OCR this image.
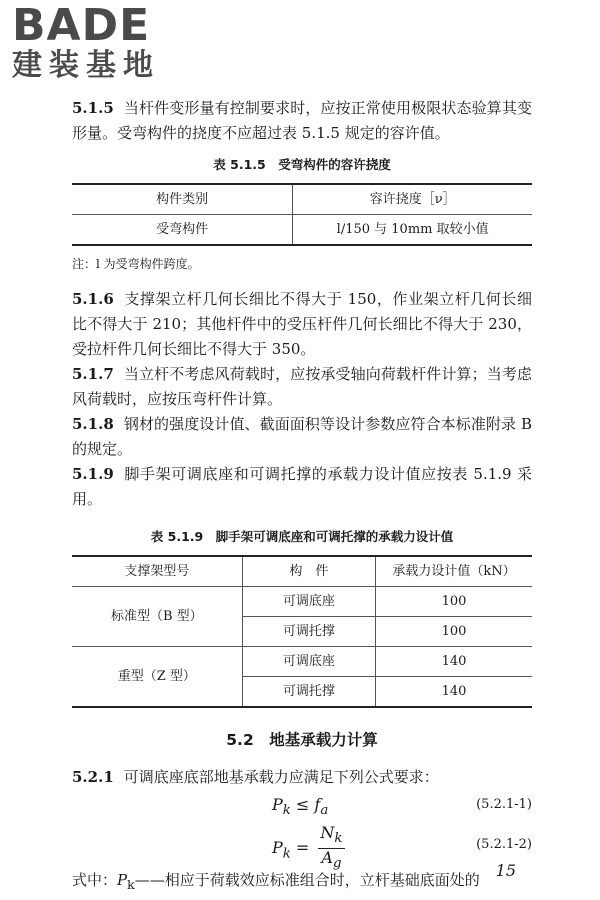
BADE
建装基地

5.1.5 当杆件变形量有控制要求时，应按正常使用极限状态验算其变形量。受弯构件的挠度不应超过表 5.1.5 规定的容许值。

表 5.1.5　受弯构件的容许挠度
构件类别	容许挠度［ν］
受弯构件	l/150 与 10mm 取较小值
注：l 为受弯构件跨度。

5.1.6 支撑架立杆几何长细比不得大于 150，作业架立杆几何长细比不得大于 210；其他杆件中的受压杆件几何长细比不得大于 230，受拉杆件几何长细比不得大于 350。

5.1.7 当立杆不考虑风荷载时，应按承受轴向荷载杆件计算；当考虑风荷载时，应按压弯杆件计算。

5.1.8 钢材的强度设计值、截面面积等设计参数应符合本标准附录 B 的规定。

5.1.9 脚手架可调底座和可调托撑的承载力设计值应按表 5.1.9 采用。

表 5.1.9　脚手架可调底座和可调托撑的承载力设计值
支撑架型号	构　件	承载力设计值（kN）
标准型（B 型）	可调底座	100
	可调托撑	100
重型（Z 型）	可调底座	140
	可调托撑	140
5.2　地基承载力计算

5.2.1 可调底座底部地基承载力应满足下列公式要求：

$P_k \le f_a$	(5.2.1-1)
$P_k = \frac{N_k}{A_g}$	(5.2.1-2)

式中：$P_k——$相应于荷载效应标准组合时，立杆基础底面处的 15
